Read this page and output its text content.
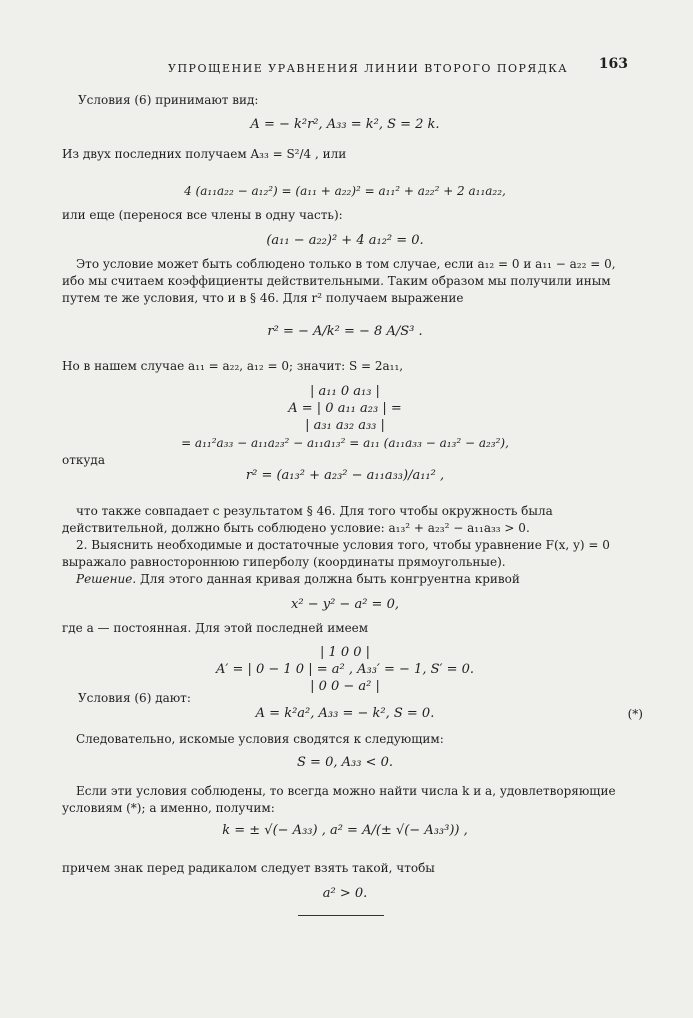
УПРОЩЕНИЕ УРАВНЕНИЯ ЛИНИИ ВТОРОГО ПОРЯДКА 163
Условия (6) принимают вид:
A = − k²r², A₃₃ = k², S = 2 k.
Из двух последних получаем A₃₃ = S²/4 , или
4 (a₁₁a₂₂ − a₁₂²) = (a₁₁ + a₂₂)² = a₁₁² + a₂₂² + 2 a₁₁a₂₂,
или еще (перенося все члены в одну часть):
(a₁₁ − a₂₂)² + 4 a₁₂² = 0.
Это условие может быть соблюдено только в том случае, если a₁₂ = 0 и a₁₁ − a₂₂ = 0, ибо мы считаем коэффициенты действительными. Таким образом мы получили иным путем те же условия, что и в § 46. Для r² получаем выражение
r² = − A/k² = − 8 A/S³ .
Но в нашем случае a₁₁ = a₂₂, a₁₂ = 0; значит: S = 2a₁₁,
| a₁₁ 0 a₁₃ |
A = | 0 a₁₁ a₂₃ | =
| a₃₁ a₃₂ a₃₃ |
= a₁₁²a₃₃ − a₁₁a₂₃² − a₁₁a₁₃² = a₁₁ (a₁₁a₃₃ − a₁₃² − a₂₃²),
откуда
r² = (a₁₃² + a₂₃² − a₁₁a₃₃)/a₁₁² ,
что также совпадает с результатом § 46. Для того чтобы окружность была действительной, должно быть соблюдено условие: a₁₃² + a₂₃² − a₁₁a₃₃ > 0.
2. Выяснить необходимые и достаточные условия того, чтобы уравнение F(x, y) = 0 выражало равностороннюю гиперболу (координаты прямоугольные).
Решение. Для этого данная кривая должна быть конгруентна кривой
x² − y² − a² = 0,
где a — постоянная. Для этой последней имеем
| 1 0 0 |
A′ = | 0 − 1 0 | = a² , A₃₃′ = − 1, S′ = 0.
| 0 0 − a² |
Условия (6) дают:
A = k²a², A₃₃ = − k², S = 0.	(*)
Следовательно, искомые условия сводятся к следующим:
S = 0, A₃₃ < 0.
Если эти условия соблюдены, то всегда можно найти числа k и a, удовлетворяющие условиям (*); а именно, получим:
k = ± √(− A₃₃) , a² = A/(± √(− A₃₃³)) ,
причем знак перед радикалом следует взять такой, чтобы
a² > 0.
